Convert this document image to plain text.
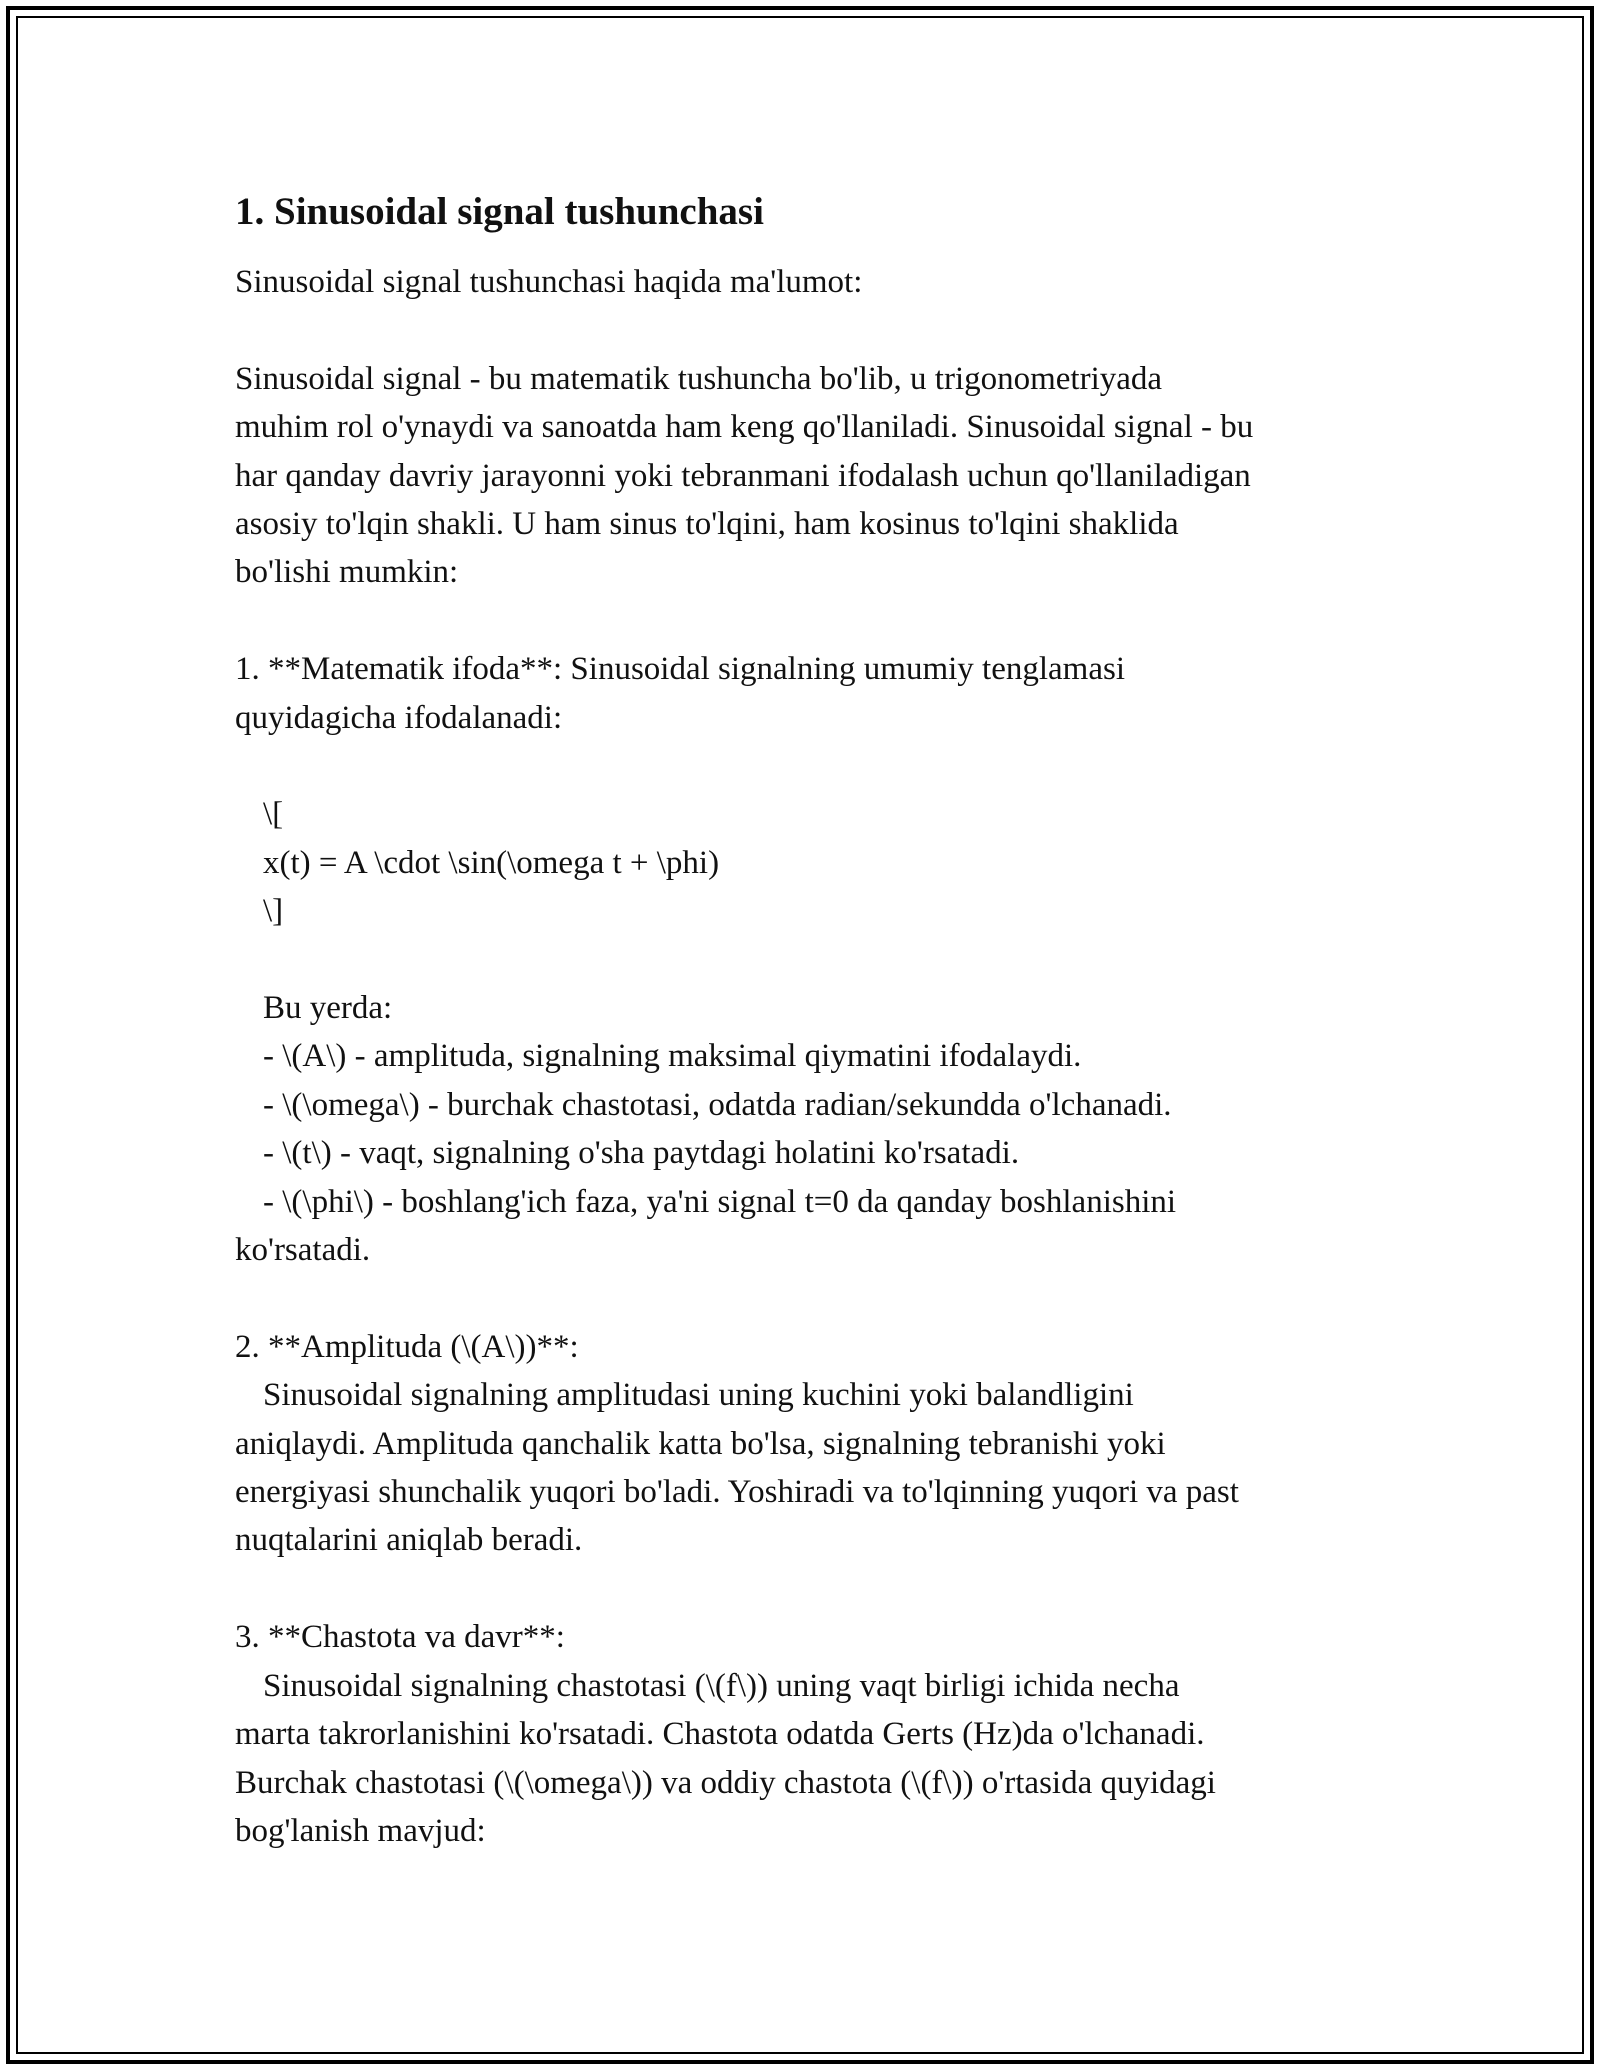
1. Sinusoidal signal tushunchasi
Sinusoidal signal tushunchasi haqida ma'lumot:
Sinusoidal signal - bu matematik tushuncha bo'lib, u trigonometriyada
muhim rol o'ynaydi va sanoatda ham keng qo'llaniladi. Sinusoidal signal - bu
har qanday davriy jarayonni yoki tebranmani ifodalash uchun qo'llaniladigan
asosiy to'lqin shakli. U ham sinus to'lqini, ham kosinus to'lqini shaklida
bo'lishi mumkin:
1. **Matematik ifoda**: Sinusoidal signalning umumiy tenglamasi
quyidagicha ifodalanadi:
\[
x(t) = A \cdot \sin(\omega t + \phi)
\]
Bu yerda:
- \(A\) - amplituda, signalning maksimal qiymatini ifodalaydi.
- \(\omega\) - burchak chastotasi, odatda radian/sekundda o'lchanadi.
- \(t\) - vaqt, signalning o'sha paytdagi holatini ko'rsatadi.
- \(\phi\) - boshlang'ich faza, ya'ni signal t=0 da qanday boshlanishini
ko'rsatadi.
2. **Amplituda (\(A\))**:
Sinusoidal signalning amplitudasi uning kuchini yoki balandligini
aniqlaydi. Amplituda qanchalik katta bo'lsa, signalning tebranishi yoki
energiyasi shunchalik yuqori bo'ladi. Yoshiradi va to'lqinning yuqori va past
nuqtalarini aniqlab beradi.
3. **Chastota va davr**:
Sinusoidal signalning chastotasi (\(f\)) uning vaqt birligi ichida necha
marta takrorlanishini ko'rsatadi. Chastota odatda Gerts (Hz)da o'lchanadi.
Burchak chastotasi (\(\omega\)) va oddiy chastota (\(f\)) o'rtasida quyidagi
bog'lanish mavjud:
